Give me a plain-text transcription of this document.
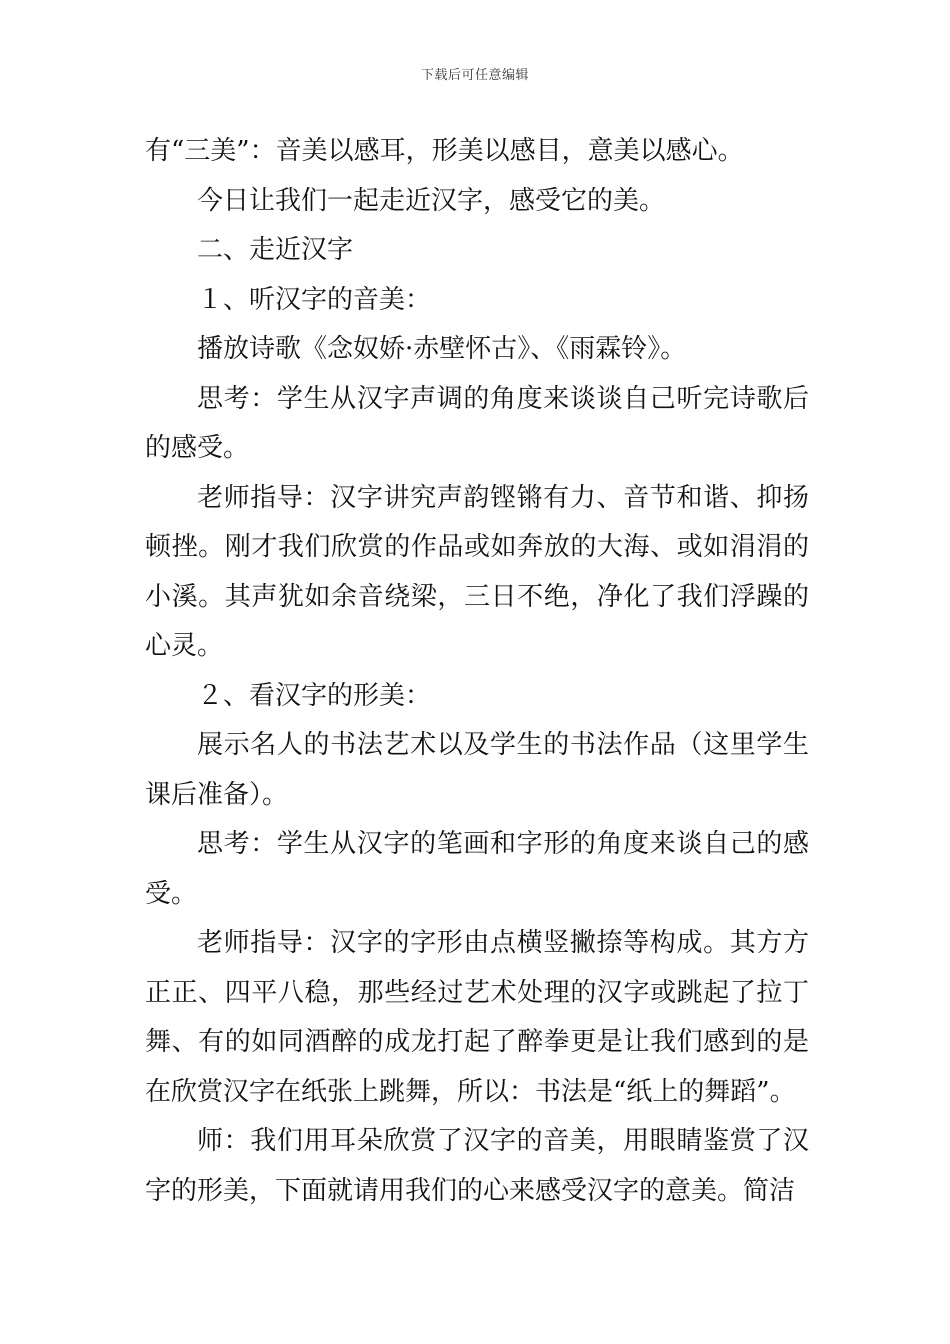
下载后可任意编辑

有“三美”：音美以感耳，形美以感目，意美以感心。

今日让我们一起走近汉字，感受它的美。

二、走近汉字

１、听汉字的音美：

播放诗歌《念奴娇·赤壁怀古》、《雨霖铃》。

思考：学生从汉字声调的角度来谈谈自己听完诗歌后的感受。

老师指导：汉字讲究声韵铿锵有力、音节和谐、抑扬顿挫。刚才我们欣赏的作品或如奔放的大海、或如涓涓的小溪。其声犹如余音绕梁，三日不绝，净化了我们浮躁的心灵。

２、看汉字的形美：

展示名人的书法艺术以及学生的书法作品（这里学生课后准备）。

思考：学生从汉字的笔画和字形的角度来谈自己的感受。

老师指导：汉字的字形由点横竖撇捺等构成。其方方正正、四平八稳，那些经过艺术处理的汉字或跳起了拉丁舞、有的如同酒醉的成龙打起了醉拳更是让我们感到的是在欣赏汉字在纸张上跳舞，所以：书法是“纸上的舞蹈”。

师：我们用耳朵欣赏了汉字的音美，用眼睛鉴赏了汉字的形美，下面就请用我们的心来感受汉字的意美。简洁
